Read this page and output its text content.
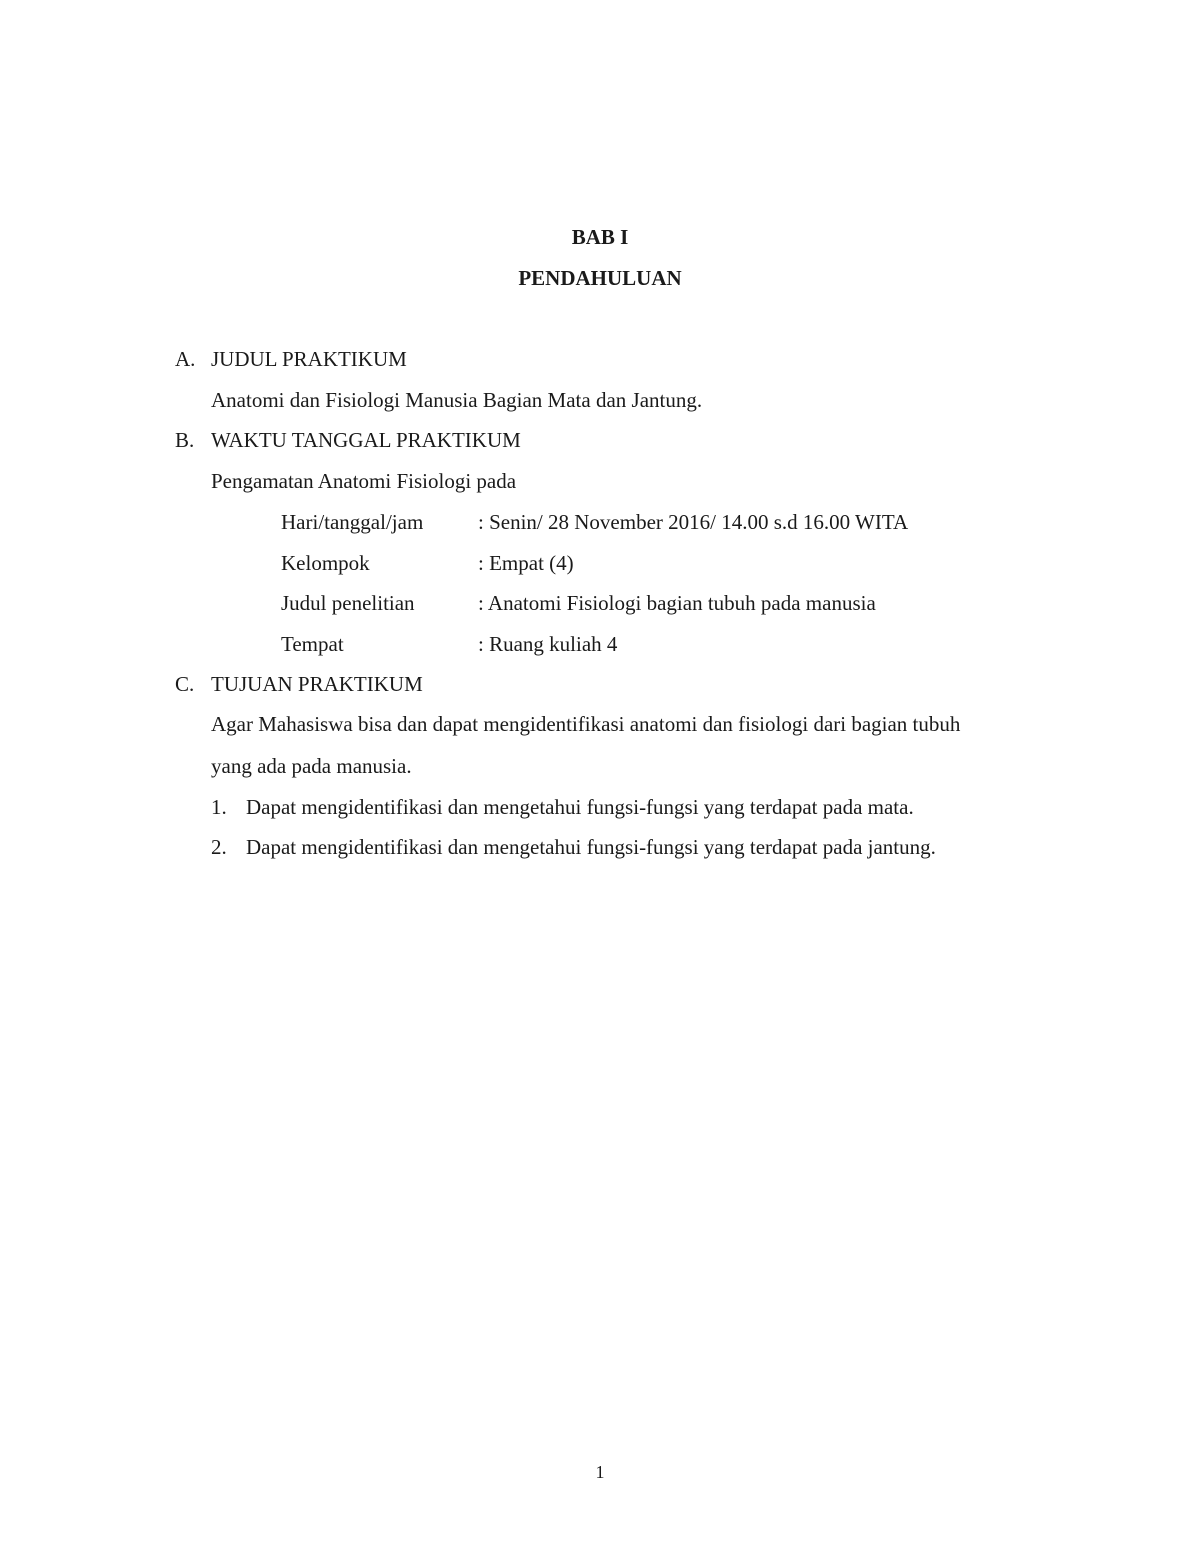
BAB I
PENDAHULUAN
A. JUDUL PRAKTIKUM
Anatomi dan Fisiologi Manusia Bagian Mata dan Jantung.
B. WAKTU TANGGAL PRAKTIKUM
Pengamatan Anatomi Fisiologi pada
Hari/tanggal/jam	: Senin/ 28 November 2016/ 14.00 s.d 16.00 WITA
Kelompok	: Empat (4)
Judul penelitian	: Anatomi Fisiologi bagian tubuh pada manusia
Tempat	: Ruang kuliah 4
C. TUJUAN PRAKTIKUM
Agar Mahasiswa bisa dan dapat mengidentifikasi anatomi dan fisiologi dari bagian tubuh
yang ada pada manusia.
1. Dapat mengidentifikasi dan mengetahui fungsi-fungsi yang terdapat pada mata.
2. Dapat mengidentifikasi dan mengetahui fungsi-fungsi yang terdapat pada jantung.
1
